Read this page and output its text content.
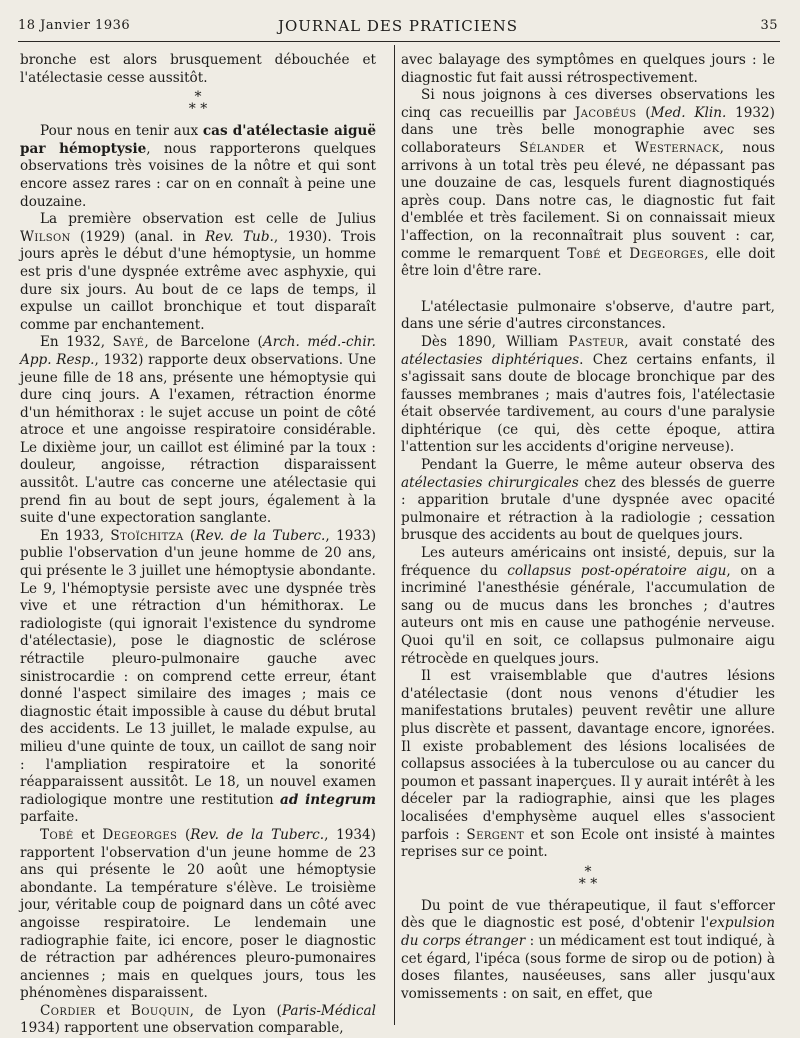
18 Janvier 1936	JOURNAL DES PRATICIENS	35

bronche est alors brusquement débouchée et l'atélectasie cesse aussitôt.

*
* *

Pour nous en tenir aux cas d'atélectasie aiguë par hémoptysie, nous rapporterons quelques observations très voisines de la nôtre et qui sont encore assez rares : car on en connaît à peine une douzaine.

La première observation est celle de Julius Wilson (1929) (anal. in Rev. Tub., 1930). Trois jours après le début d'une hémoptysie, un homme est pris d'une dyspnée extrême avec asphyxie, qui dure six jours. Au bout de ce laps de temps, il expulse un caillot bronchique et tout disparaît comme par enchantement.

En 1932, Sayé, de Barcelone (Arch. méd.-chir. App. Resp., 1932) rapporte deux observations. Une jeune fille de 18 ans, présente une hémoptysie qui dure cinq jours. A l'examen, rétraction énorme d'un hémithorax : le sujet accuse un point de côté atroce et une angoisse respiratoire considérable. Le dixième jour, un caillot est éliminé par la toux : douleur, angoisse, rétraction disparaissent aussitôt. L'autre cas concerne une atélectasie qui prend fin au bout de sept jours, également à la suite d'une expectoration sanglante.

En 1933, Stoïchitza (Rev. de la Tuberc., 1933) publie l'observation d'un jeune homme de 20 ans, qui présente le 3 juillet une hémoptysie abondante. Le 9, l'hémoptysie persiste avec une dyspnée très vive et une rétraction d'un hémithorax. Le radiologiste (qui ignorait l'existence du syndrome d'atélectasie), pose le diagnostic de sclérose rétractile pleuro-pulmonaire gauche avec sinistrocardie : on comprend cette erreur, étant donné l'aspect similaire des images ; mais ce diagnostic était impossible à cause du début brutal des accidents. Le 13 juillet, le malade expulse, au milieu d'une quinte de toux, un caillot de sang noir : l'ampliation respiratoire et la sonorité réapparaissent aussitôt. Le 18, un nouvel examen radiologique montre une restitution ad integrum parfaite.

Tobé et Degeorges (Rev. de la Tuberc., 1934) rapportent l'observation d'un jeune homme de 23 ans qui présente le 20 août une hémoptysie abondante. La température s'élève. Le troisième jour, véritable coup de poignard dans un côté avec angoisse respiratoire. Le lendemain une radiographie faite, ici encore, poser le diagnostic de rétraction par adhérences pleuro-pumonaires anciennes ; mais en quelques jours, tous les phénomènes disparaissent.

Cordier et Bouquin, de Lyon (Paris-Médical 1934) rapportent une observation comparable,

avec balayage des symptômes en quelques jours : le diagnostic fut fait aussi rétrospectivement.

Si nous joignons à ces diverses observations les cinq cas recueillis par Jacobéus (Med. Klin. 1932) dans une très belle monographie avec ses collaborateurs Sélander et Westernack, nous arrivons à un total très peu élevé, ne dépassant pas une douzaine de cas, lesquels furent diagnostiqués après coup. Dans notre cas, le diagnostic fut fait d'emblée et très facilement. Si on connaissait mieux l'affection, on la reconnaîtrait plus souvent : car, comme le remarquent Tobé et Degeorges, elle doit être loin d'être rare.

L'atélectasie pulmonaire s'observe, d'autre part, dans une série d'autres circonstances.

Dès 1890, William Pasteur, avait constaté des atélectasies diphtériques. Chez certains enfants, il s'agissait sans doute de blocage bronchique par des fausses membranes ; mais d'autres fois, l'atélectasie était observée tardivement, au cours d'une paralysie diphtérique (ce qui, dès cette époque, attira l'attention sur les accidents d'origine nerveuse).

Pendant la Guerre, le même auteur observa des atélectasies chirurgicales chez des blessés de guerre : apparition brutale d'une dyspnée avec opacité pulmonaire et rétraction à la radiologie ; cessation brusque des accidents au bout de quelques jours.

Les auteurs américains ont insisté, depuis, sur la fréquence du collapsus post-opératoire aigu, on a incriminé l'anesthésie générale, l'accumulation de sang ou de mucus dans les bronches ; d'autres auteurs ont mis en cause une pathogénie nerveuse. Quoi qu'il en soit, ce collapsus pulmonaire aigu rétrocède en quelques jours.

Il est vraisemblable que d'autres lésions d'atélectasie (dont nous venons d'étudier les manifestations brutales) peuvent revêtir une allure plus discrète et passent, davantage encore, ignorées. Il existe probablement des lésions localisées de collapsus associées à la tuberculose ou au cancer du poumon et passant inaperçues. Il y aurait intérêt à les déceler par la radiographie, ainsi que les plages localisées d'emphysème auquel elles s'associent parfois : Sergent et son Ecole ont insisté à maintes reprises sur ce point.

*
* *

Du point de vue thérapeutique, il faut s'efforcer dès que le diagnostic est posé, d'obtenir l'expulsion du corps étranger : un médicament est tout indiqué, à cet égard, l'ipéca (sous forme de sirop ou de potion) à doses filantes, nauséeuses, sans aller jusqu'aux vomissements : on sait, en effet, que
